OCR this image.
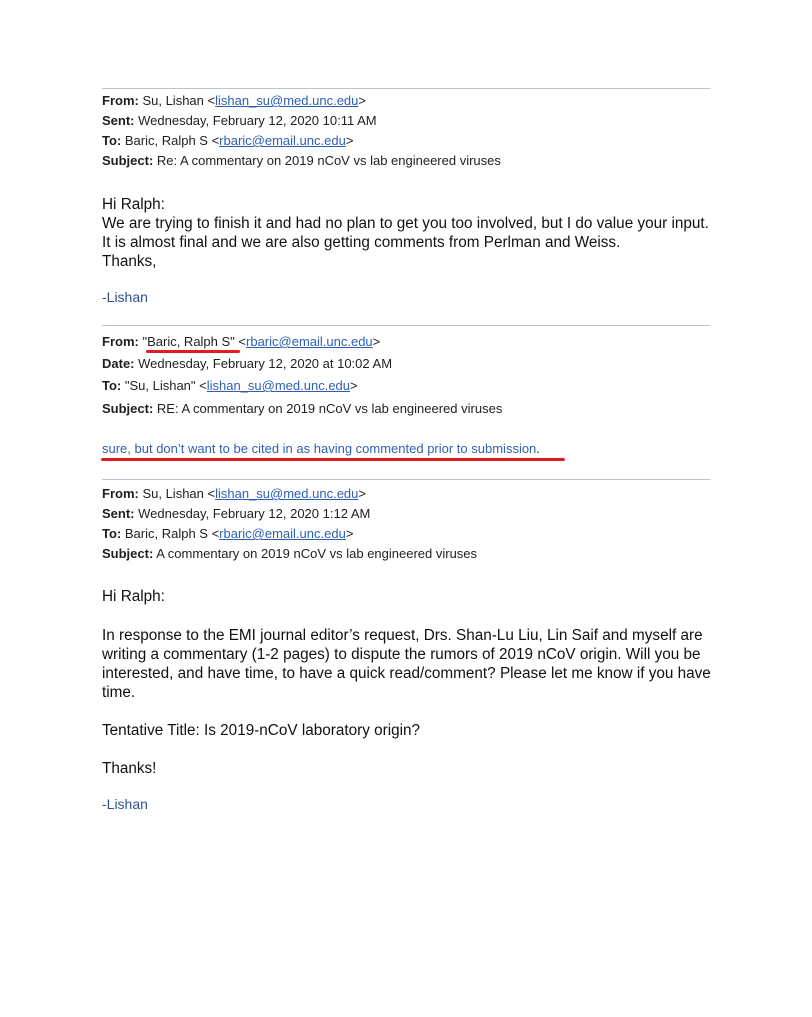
From: Su, Lishan <lishan_su@med.unc.edu>
Sent: Wednesday, February 12, 2020 10:11 AM
To: Baric, Ralph S <rbaric@email.unc.edu>
Subject: Re: A commentary on 2019 nCoV vs lab engineered viruses

Hi Ralph:

We are trying to finish it and had no plan to get you too involved, but I do value your input. It is almost final and we are also getting comments from Perlman and Weiss.

Thanks,

-Lishan
From: "Baric, Ralph S" <rbaric@email.unc.edu>
Date: Wednesday, February 12, 2020 at 10:02 AM
To: "Su, Lishan" <lishan_su@med.unc.edu>
Subject: RE: A commentary on 2019 nCoV vs lab engineered viruses
sure, but don’t want to be cited in as having commented prior to submission.
From: Su, Lishan <lishan_su@med.unc.edu>
Sent: Wednesday, February 12, 2020 1:12 AM
To: Baric, Ralph S <rbaric@email.unc.edu>
Subject: A commentary on 2019 nCoV vs lab engineered viruses

Hi Ralph:

In response to the EMI journal editor’s request, Drs. Shan-Lu Liu, Lin Saif and myself are writing a commentary (1-2 pages) to dispute the rumors of 2019 nCoV origin. Will you be interested, and have time, to have a quick read/comment? Please let me know if you have time.

Tentative Title: Is 2019-nCoV laboratory origin?

Thanks!

-Lishan
